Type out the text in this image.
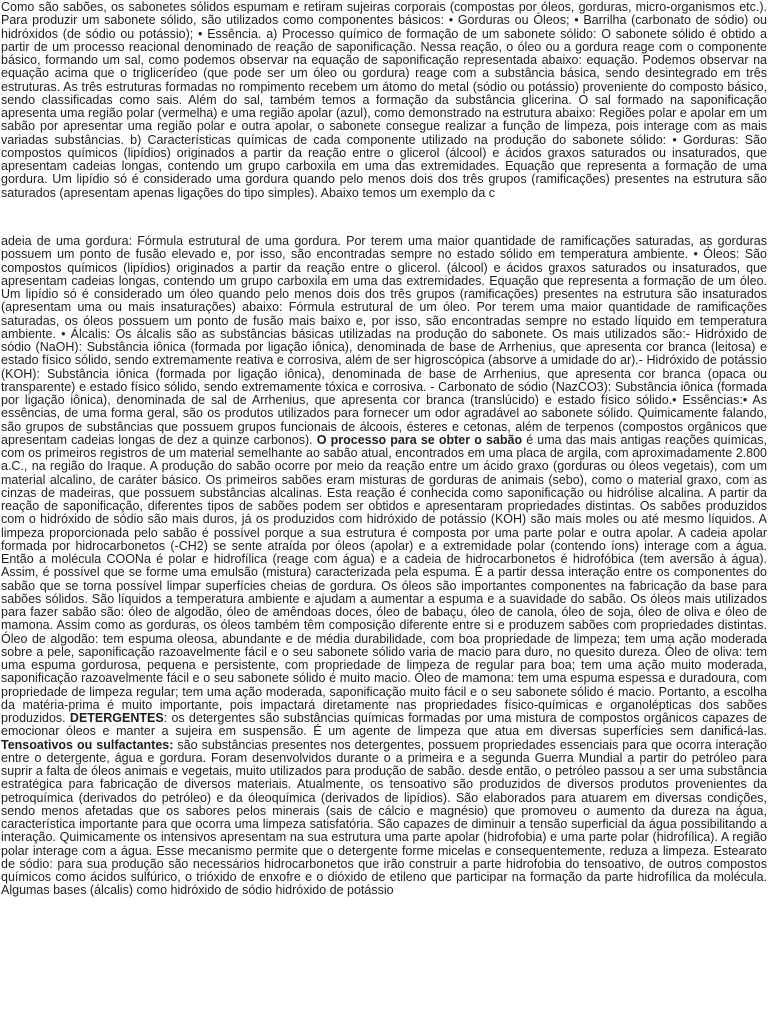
Como são sabões, os sabonetes sólidos espumam e retiram sujeiras corporais (compostas por óleos, gorduras, micro-organismos etc.). Para produzir um sabonete sólido, são utilizados como componentes básicos: • Gorduras ou Óleos; • Barrilha (carbonato de sódio) ou hidróxidos (de sódio ou potássio); • Essência. a) Processo químico de formação de um sabonete sólido: O sabonete sólido é obtido a partir de um processo reacional denominado de reação de saponificação. Nessa reação, o óleo ou a gordura reage com o componente básico, formando um sal, como podemos observar na equação de saponificação representada abaixo: equação. Podemos observar na equação acima que o triglicerídeo (que pode ser um óleo ou gordura) reage com a substância básica, sendo desintegrado em três estruturas. As três estruturas formadas no rompimento recebem um átomo do metal (sódio ou potássio) proveniente do composto básico, sendo classificadas como sais. Além do sal, também temos a formação da substância glicerina. O sal formado na saponificação apresenta uma região polar (vermelha) e uma região apolar (azul), como demonstrado na estrutura abaixo: Regiões polar e apolar em um sabão por apresentar uma região polar e outra apolar, o sabonete consegue realizar a função de limpeza, pois interage com as mais variadas substâncias. b) Características químicas de cada componente utilizado na produção do sabonete sólido: • Gorduras: São compostos químicos (lipídios) originados a partir da reação entre o glicerol (álcool) e ácidos graxos saturados ou insaturados, que apresentam cadeias longas, contendo um grupo carboxila em uma das extremidades. Equação que representa a formação de uma gordura. Um lipídio só é considerado uma gordura quando pelo menos dois dos três grupos (ramificações) presentes na estrutura são saturados (apresentam apenas ligações do tipo simples). Abaixo temos um exemplo da c

adeia de uma gordura: Fórmula estrutural de uma gordura. Por terem uma maior quantidade de ramificações saturadas, as gorduras possuem um ponto de fusão elevado e, por isso, são encontradas sempre no estado sólido em temperatura ambiente. • Óleos: São compostos químicos (lipídios) originados a partir da reação entre o glicerol. (álcool) e ácidos graxos saturados ou insaturados, que apresentam cadeias longas, contendo um grupo carboxila em uma das extremidades. Equação que representa a formação de um óleo. Um lipídio só é considerado um óleo quando pelo menos dois dos três grupos (ramificações) presentes na estrutura são insaturados (apresentam uma ou mais insaturações) abaixo: Fórmula estrutural de um óleo. Por terem uma maior quantidade de ramificações saturadas, os óleos possuem um ponto de fusão mais baixo e, por isso, são encontradas sempre no estado líquido em temperatura ambiente. • Álcalis: Os álcalis são as substâncias básicas utilizadas na produção do sabonete. Os mais utilizados são:- Hidróxido de sódio (NaOH): Substância iônica (formada por ligação iônica), denominada de base de Arrhenius, que apresenta cor branca (leitosa) e estado físico sólido, sendo extremamente reativa e corrosiva, além de ser higroscópica (absorve a umidade do ar).- Hidróxido de potássio (KOH): Substância iônica (formada por ligação iônica), denominada de base de Arrhenius, que apresenta cor branca (opaca ou transparente) e estado físico sólido, sendo extremamente tóxica e corrosiva. - Carbonato de sódio (NazCO3): Substância iônica (formada por ligação iônica), denominada de sal de Arrhenius, que apresenta cor branca (translúcido) e estado físico sólido.• Essências:• As essências, de uma forma geral, são os produtos utilizados para fornecer um odor agradável ao sabonete sólido. Quimicamente falando, são grupos de substâncias que possuem grupos funcionais de álcoois, ésteres e cetonas, além de terpenos (compostos orgânicos que apresentam cadeias longas de dez a quinze carbonos). O processo para se obter o sabão é uma das mais antigas reações químicas, com os primeiros registros de um material semelhante ao sabão atual, encontrados em uma placa de argila, com aproximadamente 2.800 a.C., na região do Iraque. A produção do sabão ocorre por meio da reação entre um ácido graxo (gorduras ou óleos vegetais), com um material alcalino, de caráter básico. Os primeiros sabões eram misturas de gorduras de animais (sebo), como o material graxo, com as cinzas de madeiras, que possuem substâncias alcalinas. Esta reação é conhecida como saponificação ou hidrólise alcalina. A partir da reação de saponificação, diferentes tipos de sabões podem ser obtidos e apresentaram propriedades distintas. Os sabões produzidos com o hidróxido de sódio são mais duros, já os produzidos com hidróxido de potássio (KOH) são mais moles ou até mesmo líquidos. A limpeza proporcionada pelo sabão é possível porque a sua estrutura é composta por uma parte polar e outra apolar. A cadeia apolar formada por hidrocarbonetos (-CH2) se sente atraída por óleos (apolar) e a extremidade polar (contendo íons) interage com a água. Então a molécula COONa é polar e hidrofílica (reage com água) e a cadeia de hidrocarbonetos é hidrofóbica (tem aversão à água). Assim, é possível que se forme uma emulsão (mistura) caracterizada pela espuma. É a partir dessa interação entre os componentes do sabão que se torna possível limpar superfícies cheias de gordura. Os óleos são importantes componentes na fabricação da base para sabões sólidos. São líquidos a temperatura ambiente e ajudam a aumentar a espuma e a suavidade do sabão. Os óleos mais utilizados para fazer sabão são: óleo de algodão, óleo de amêndoas doces, óleo de babaçu, óleo de canola, óleo de soja, óleo de oliva e óleo de mamona. Assim como as gorduras, os óleos também têm composição diferente entre si e produzem sabões com propriedades distintas. Óleo de algodão: tem espuma oleosa, abundante e de média durabilidade, com boa propriedade de limpeza; tem uma ação moderada sobre a pele, saponificação razoavelmente fácil e o seu sabonete sólido varia de macio para duro, no quesito dureza. Óleo de oliva: tem uma espuma gordurosa, pequena e persistente, com propriedade de limpeza de regular para boa; tem uma ação muito moderada, saponificação razoavelmente fácil e o seu sabonete sólido é muito macio. Óleo de mamona: tem uma espuma espessa e duradoura, com propriedade de limpeza regular; tem uma ação moderada, saponificação muito fácil e o seu sabonete sólido é macio. Portanto, a escolha da matéria-prima é muito importante, pois impactará diretamente nas propriedades físico-químicas e organolépticas dos sabões produzidos. DETERGENTES: os detergentes são substâncias químicas formadas por uma mistura de compostos orgânicos capazes de emocionar óleos e manter a sujeira em suspensão. É um agente de limpeza que atua em diversas superfícies sem danificá-las. Tensoativos ou sulfactantes: são substâncias presentes nos detergentes, possuem propriedades essenciais para que ocorra interação entre o detergente, água e gordura. Foram desenvolvidos durante o a primeira e a segunda Guerra Mundial a partir do petróleo para suprir a falta de óleos animais e vegetais, muito utilizados para produção de sabão. desde então, o petróleo passou a ser uma substância estratégica para fabricação de diversos materiais. Atualmente, os tensoativo são produzidos de diversos produtos provenientes da petroquímica (derivados do petróleo) e da óleoquímica (derivados de lipídios). São elaborados para atuarem em diversas condições, sendo menos afetadas que os sabores pelos minerais (sais de cálcio e magnésio) que promoveu o aumento da dureza na água, característica importante para que ocorra uma limpeza satisfatória. São capazes de diminuir a tensão superficial da água possibilitando a interação. Quimicamente os intensivos apresentam na sua estrutura uma parte apolar (hidrofobia) e uma parte polar (hidrofílica). A região polar interage com a água. Esse mecanismo permite que o detergente forme micelas e consequentemente, reduza a limpeza. Estearato de sódio: para sua produção são necessários hidrocarbonetos que irão construir a parte hidrofobia do tensoativo, de outros compostos químicos como ácidos sulfúrico, o trióxido de enxofre e o dióxido de etileno que participar na formação da parte hidrofílica da molécula. Algumas bases (álcalis) como hidróxido de sódio hidróxido de potássio
